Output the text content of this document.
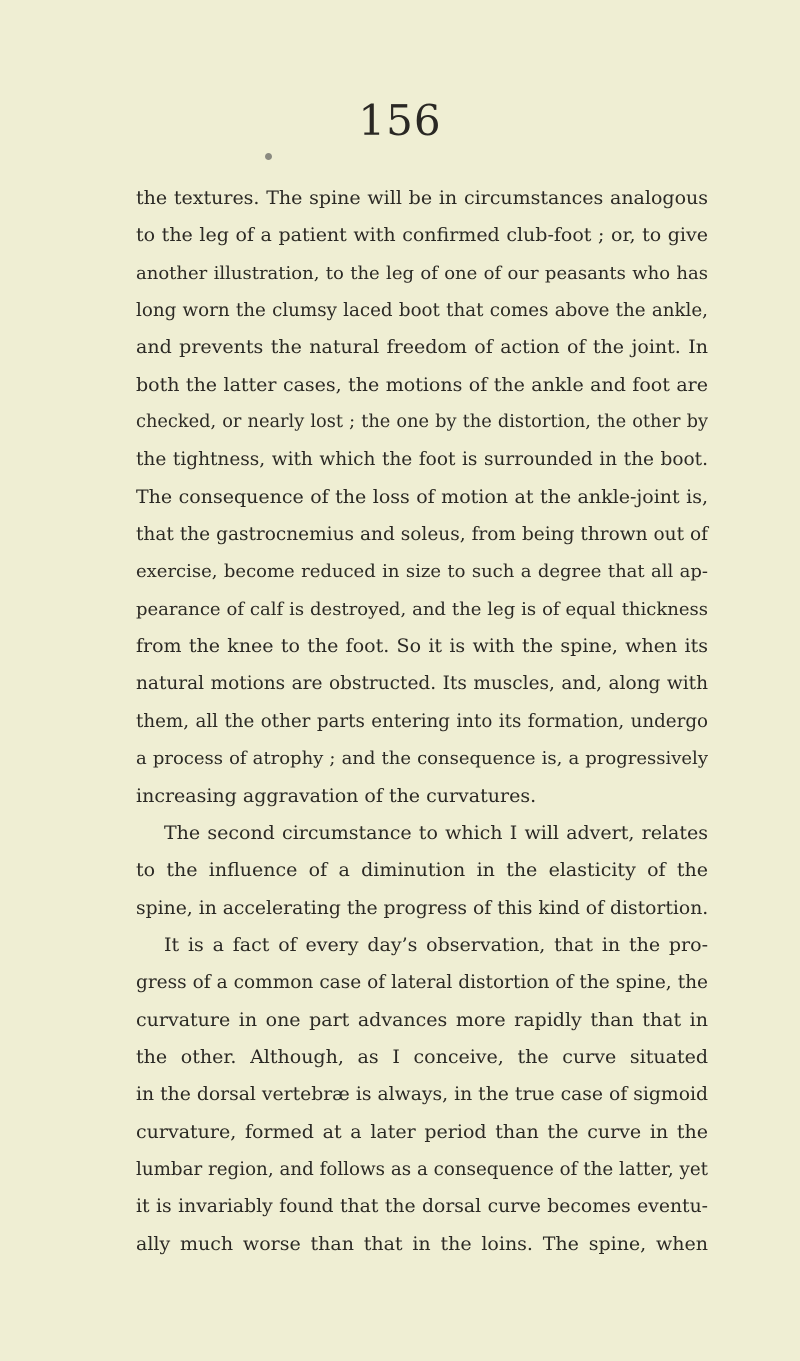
156
the textures. The spine will be in circumstances analogous
to the leg of a patient with confirmed club-foot ; or, to give
another illustration, to the leg of one of our peasants who has
long worn the clumsy laced boot that comes above the ankle,
and prevents the natural freedom of action of the joint. In
both the latter cases, the motions of the ankle and foot are
checked, or nearly lost ; the one by the distortion, the other by
the tightness, with which the foot is surrounded in the boot.
The consequence of the loss of motion at the ankle-joint is,
that the gastrocnemius and soleus, from being thrown out of
exercise, become reduced in size to such a degree that all ap-
pearance of calf is destroyed, and the leg is of equal thickness
from the knee to the foot. So it is with the spine, when its
natural motions are obstructed. Its muscles, and, along with
them, all the other parts entering into its formation, undergo
a process of atrophy ; and the consequence is, a progressively
increasing aggravation of the curvatures.
The second circumstance to which I will advert, relates
to the influence of a diminution in the elasticity of the
spine, in accelerating the progress of this kind of distortion.
It is a fact of every day’s observation, that in the pro-
gress of a common case of lateral distortion of the spine, the
curvature in one part advances more rapidly than that in
the other. Although, as I conceive, the curve situated
in the dorsal vertebræ is always, in the true case of sigmoid
curvature, formed at a later period than the curve in the
lumbar region, and follows as a consequence of the latter, yet
it is invariably found that the dorsal curve becomes eventu-
ally much worse than that in the loins. The spine, when
